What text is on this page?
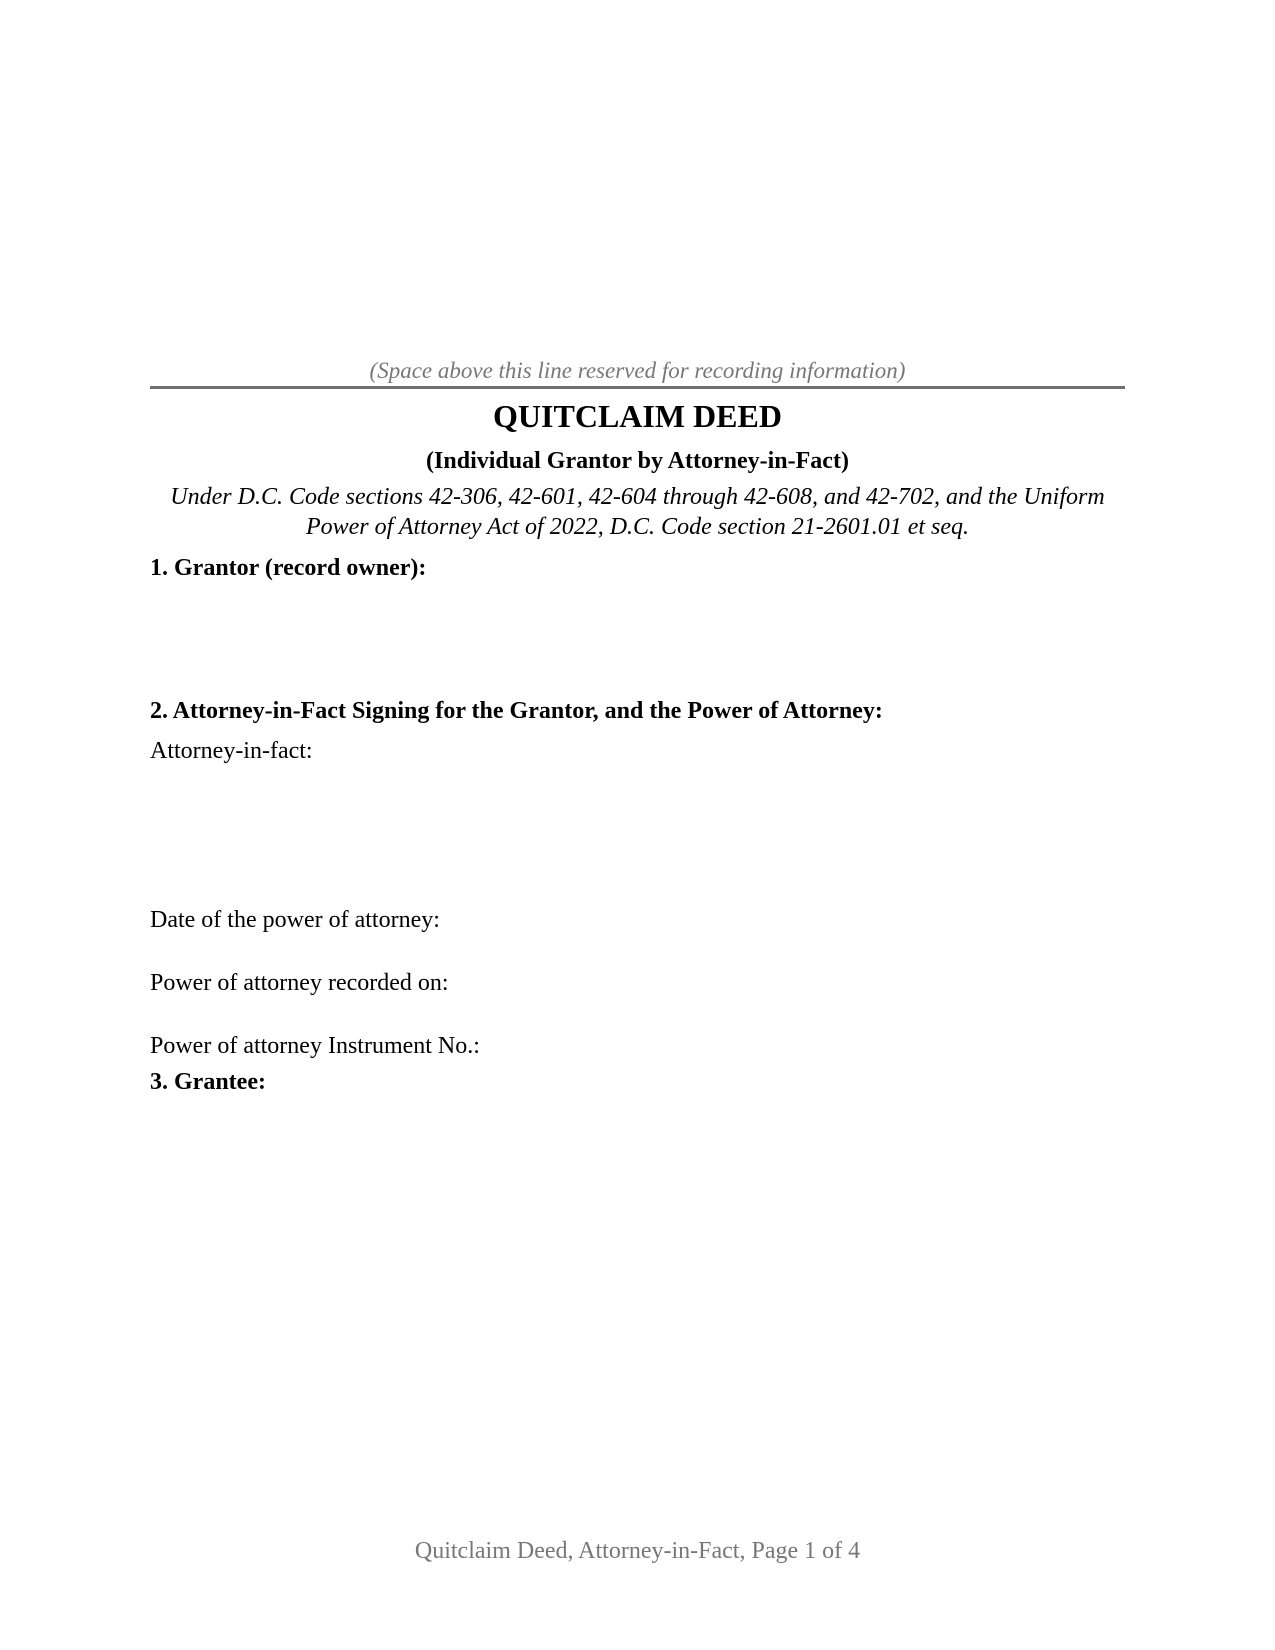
(Space above this line reserved for recording information)
QUITCLAIM DEED
(Individual Grantor by Attorney-in-Fact)
Under D.C. Code sections 42-306, 42-601, 42-604 through 42-608, and 42-702, and the Uniform
Power of Attorney Act of 2022, D.C. Code section 21-2601.01 et seq.
1. Grantor (record owner):
2. Attorney-in-Fact Signing for the Grantor, and the Power of Attorney:
Attorney-in-fact:
Date of the power of attorney:
Power of attorney recorded on:
Power of attorney Instrument No.:
3. Grantee:
Quitclaim Deed, Attorney-in-Fact, Page 1 of 4
